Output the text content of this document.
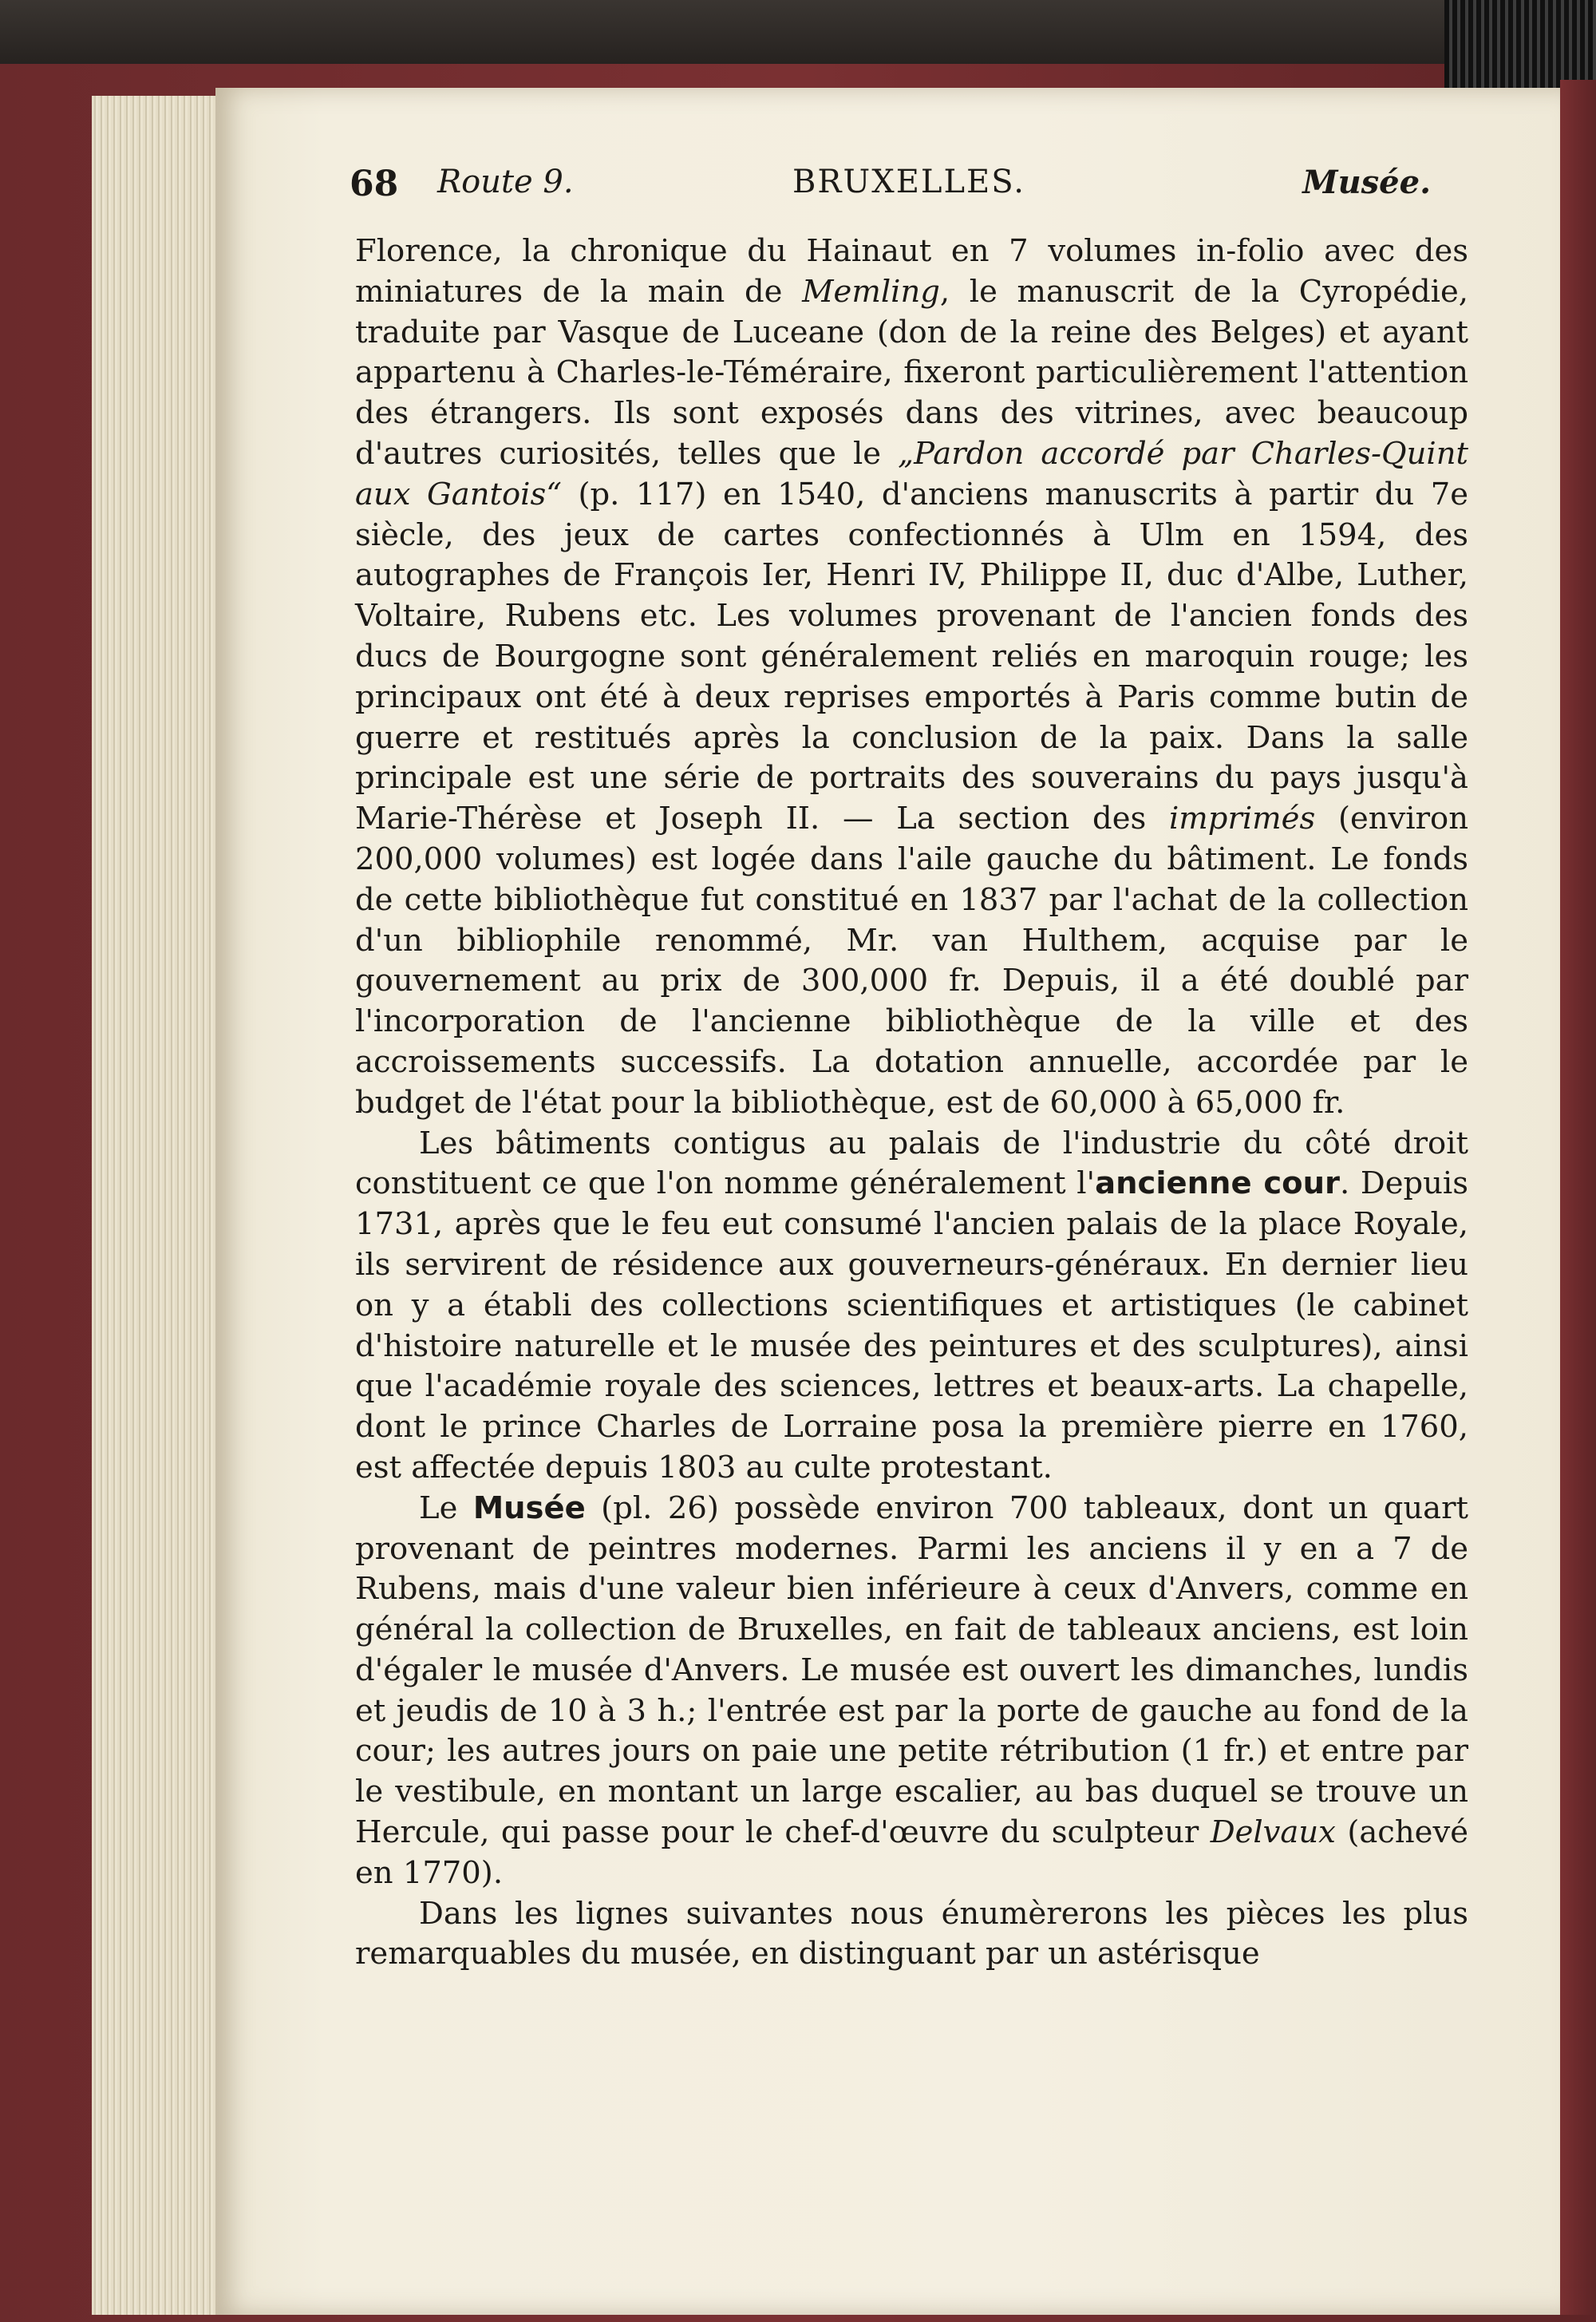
68 Route 9.	BRUXELLES.	Musée.

Florence, la chronique du Hainaut en 7 volumes in-folio avec des miniatures de la main de Memling, le manuscrit de la Cyropédie, traduite par Vasque de Luceane (don de la reine des Belges) et ayant appartenu à Charles-le-Téméraire, fixeront particulièrement l'attention des étrangers. Ils sont exposés dans des vitrines, avec beaucoup d'autres curiosités, telles que le „Pardon accordé par Charles-Quint aux Gantois“ (p. 117) en 1540, d'anciens manuscrits à partir du 7e siècle, des jeux de cartes confectionnés à Ulm en 1594, des autographes de François Ier, Henri IV, Philippe II, duc d'Albe, Luther, Voltaire, Rubens etc. Les volumes provenant de l'ancien fonds des ducs de Bourgogne sont généralement reliés en maroquin rouge; les principaux ont été à deux reprises emportés à Paris comme butin de guerre et restitués après la conclusion de la paix. Dans la salle principale est une série de portraits des souverains du pays jusqu'à Marie-Thérèse et Joseph II. — La section des imprimés (environ 200,000 volumes) est logée dans l'aile gauche du bâtiment. Le fonds de cette bibliothèque fut constitué en 1837 par l'achat de la collection d'un bibliophile renommé, Mr. van Hulthem, acquise par le gouvernement au prix de 300,000 fr. Depuis, il a été doublé par l'incorporation de l'ancienne bibliothèque de la ville et des accroissements successifs. La dotation annuelle, accordée par le budget de l'état pour la bibliothèque, est de 60,000 à 65,000 fr.

Les bâtiments contigus au palais de l'industrie du côté droit constituent ce que l'on nomme généralement l'ancienne cour. Depuis 1731, après que le feu eut consumé l'ancien palais de la place Royale, ils servirent de résidence aux gouverneurs-généraux. En dernier lieu on y a établi des collections scientifiques et artistiques (le cabinet d'histoire naturelle et le musée des peintures et des sculptures), ainsi que l'académie royale des sciences, lettres et beaux-arts. La chapelle, dont le prince Charles de Lorraine posa la première pierre en 1760, est affectée depuis 1803 au culte protestant.

Le Musée (pl. 26) possède environ 700 tableaux, dont un quart provenant de peintres modernes. Parmi les anciens il y en a 7 de Rubens, mais d'une valeur bien inférieure à ceux d'Anvers, comme en général la collection de Bruxelles, en fait de tableaux anciens, est loin d'égaler le musée d'Anvers. Le musée est ouvert les dimanches, lundis et jeudis de 10 à 3 h.; l'entrée est par la porte de gauche au fond de la cour; les autres jours on paie une petite rétribution (1 fr.) et entre par le vestibule, en montant un large escalier, au bas duquel se trouve un Hercule, qui passe pour le chef-d'œuvre du sculpteur Delvaux (achevé en 1770).

Dans les lignes suivantes nous énumèrerons les pièces les plus remarquables du musée, en distinguant par un astérisque
